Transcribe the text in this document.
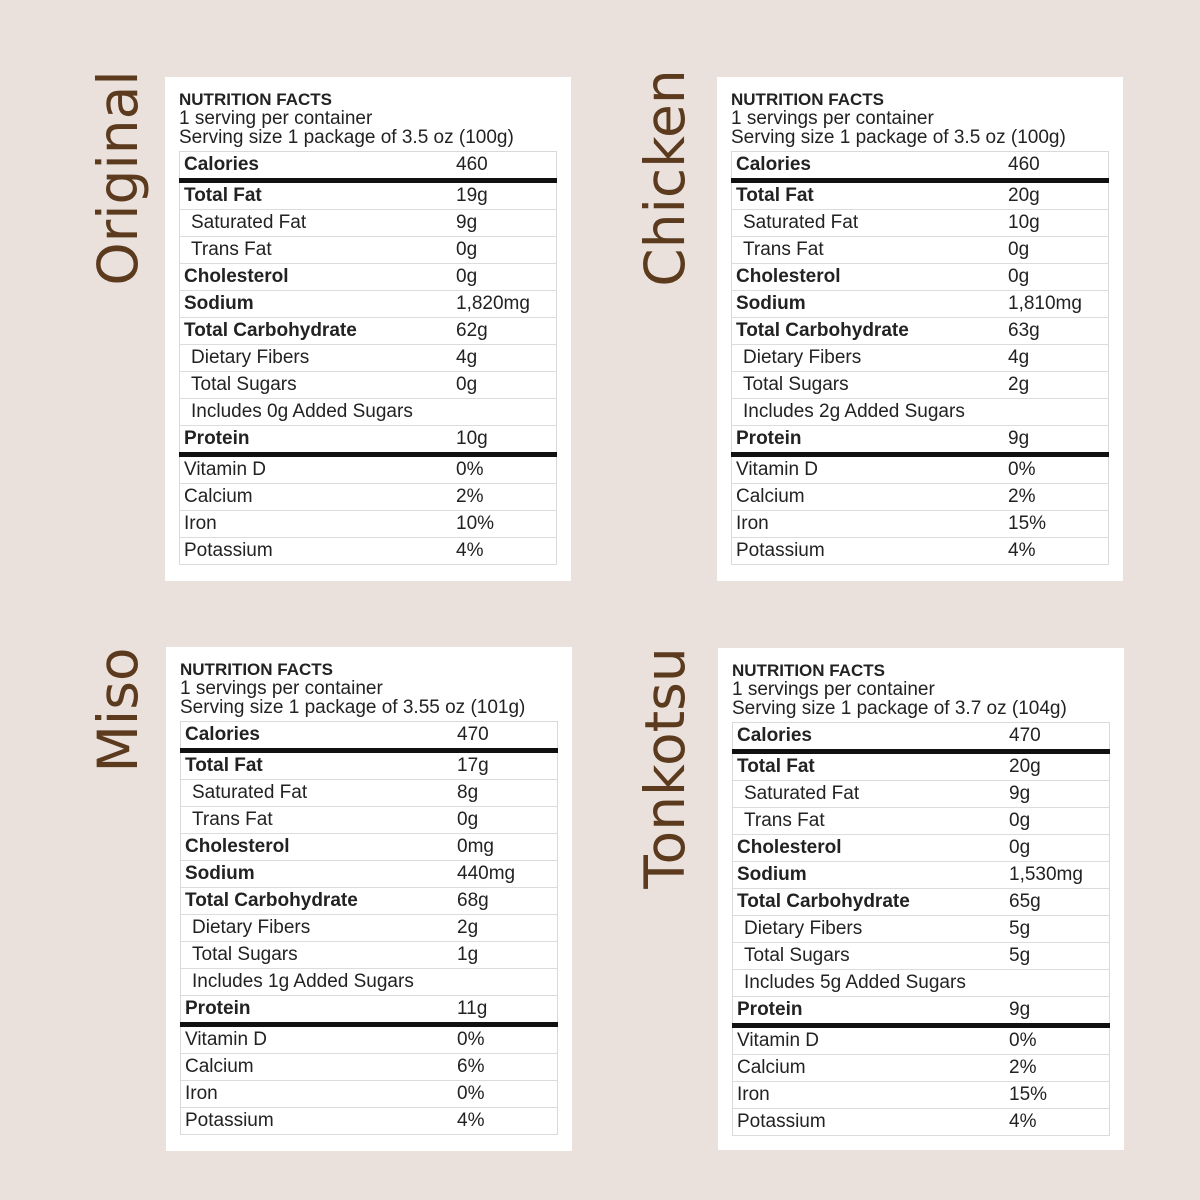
Original	Chicken
Miso	Tonkotsu
NUTRITION FACTS
1 serving per container
Serving size 1 package of 3.5 oz (100g)
Calories	460
Total Fat	19g
Saturated Fat	9g
Trans Fat	0g
Cholesterol	0g
Sodium	1,820mg
Total Carbohydrate	62g
Dietary Fibers	4g
Total Sugars	0g
Includes 0g Added Sugars	
Protein	10g
Vitamin D	0%
Calcium	2%
Iron	10%
Potassium	4%
NUTRITION FACTS
1 servings per container
Serving size 1 package of 3.5 oz (100g)
Calories	460
Total Fat	20g
Saturated Fat	10g
Trans Fat	0g
Cholesterol	0g
Sodium	1,810mg
Total Carbohydrate	63g
Dietary Fibers	4g
Total Sugars	2g
Includes 2g Added Sugars	
Protein	9g
Vitamin D	0%
Calcium	2%
Iron	15%
Potassium	4%
NUTRITION FACTS
1 servings per container
Serving size 1 package of 3.55 oz (101g)
Calories	470
Total Fat	17g
Saturated Fat	8g
Trans Fat	0g
Cholesterol	0mg
Sodium	440mg
Total Carbohydrate	68g
Dietary Fibers	2g
Total Sugars	1g
Includes 1g Added Sugars	
Protein	11g
Vitamin D	0%
Calcium	6%
Iron	0%
Potassium	4%
NUTRITION FACTS
1 servings per container
Serving size 1 package of 3.7 oz (104g)
Calories	470
Total Fat	20g
Saturated Fat	9g
Trans Fat	0g
Cholesterol	0g
Sodium	1,530mg
Total Carbohydrate	65g
Dietary Fibers	5g
Total Sugars	5g
Includes 5g Added Sugars	
Protein	9g
Vitamin D	0%
Calcium	2%
Iron	15%
Potassium	4%
